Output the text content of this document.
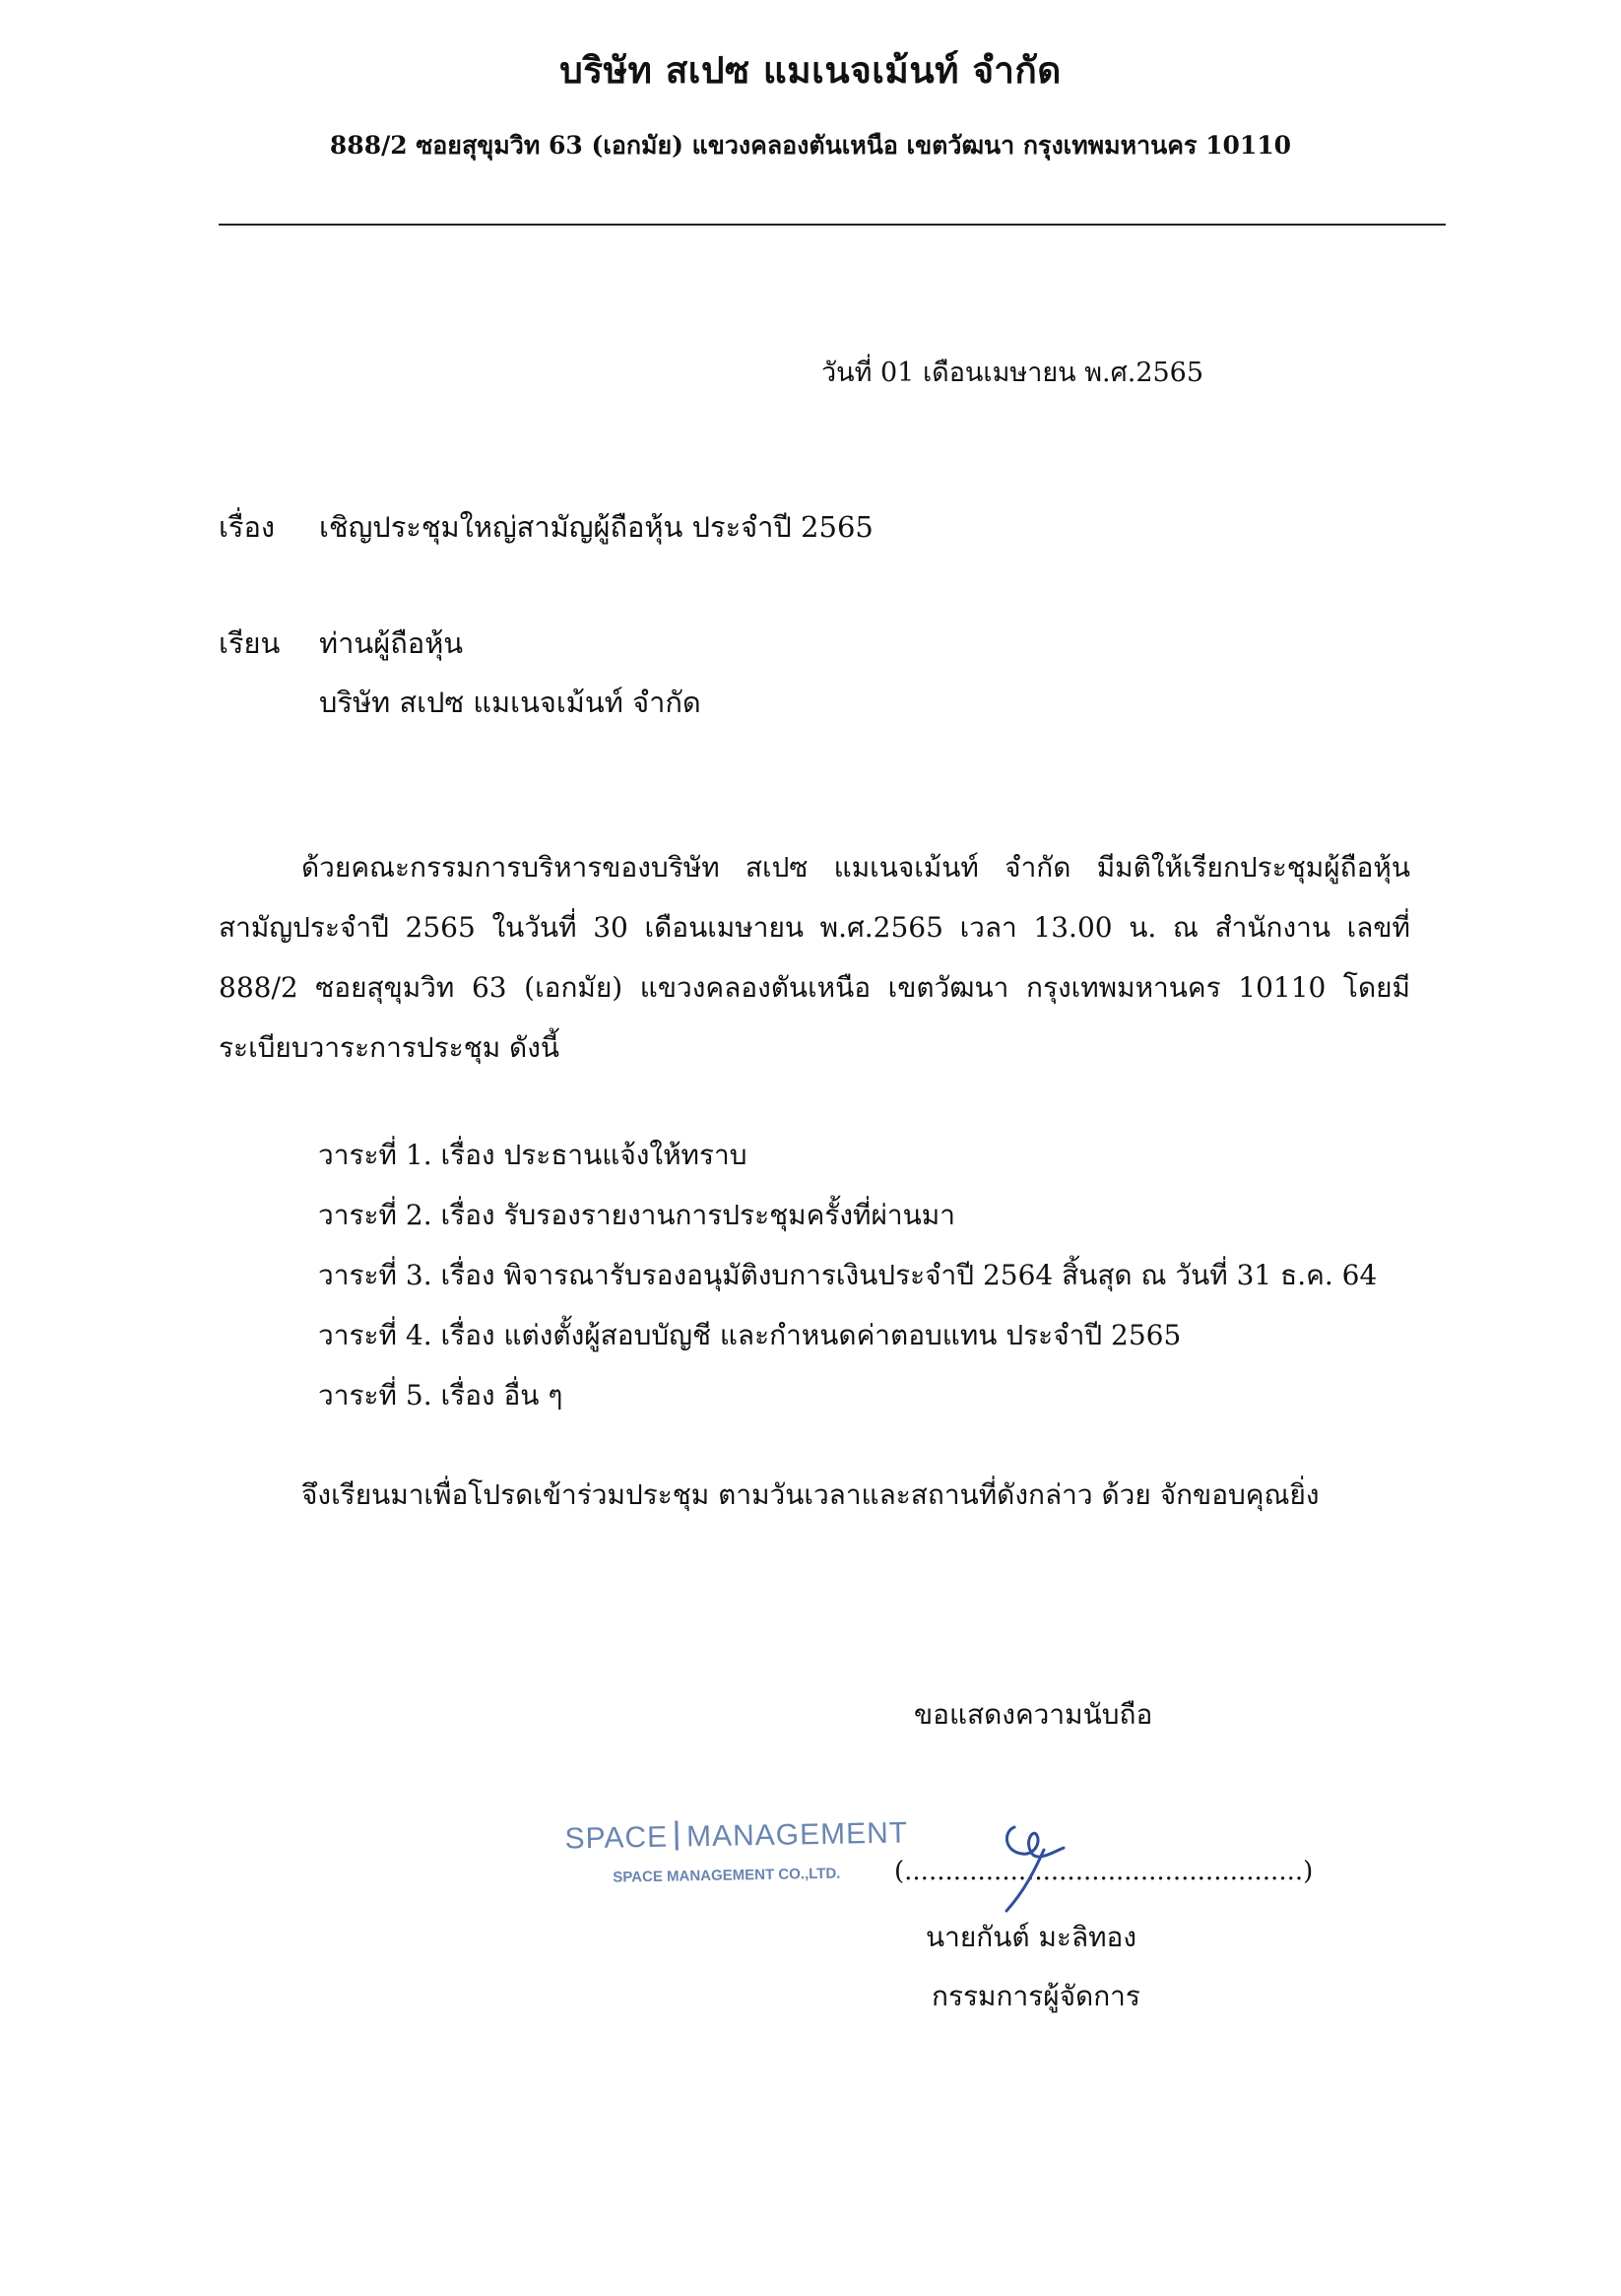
บริษัท สเปซ แมเนจเม้นท์ จำกัด
888/2 ซอยสุขุมวิท 63 (เอกมัย) แขวงคลองตันเหนือ เขตวัฒนา กรุงเทพมหานคร 10110
วันที่ 01 เดือนเมษายน พ.ศ.2565
เรื่อง เชิญประชุมใหญ่สามัญผู้ถือหุ้น ประจำปี 2565
เรียน ท่านผู้ถือหุ้น
บริษัท สเปซ แมเนจเม้นท์ จำกัด
ด้วยคณะกรรมการบริหารของบริษัท สเปซ แมเนจเม้นท์ จำกัด มีมติให้เรียกประชุมผู้ถือหุ้นสามัญประจำปี 2565 ในวันที่ 30 เดือนเมษายน พ.ศ.2565 เวลา 13.00 น. ณ สำนักงาน เลขที่ 888/2 ซอยสุขุมวิท 63 (เอกมัย) แขวงคลองตันเหนือ เขตวัฒนา กรุงเทพมหานคร 10110 โดยมีระเบียบวาระการประชุม ดังนี้
วาระที่ 1. เรื่อง ประธานแจ้งให้ทราบ
วาระที่ 2. เรื่อง รับรองรายงานการประชุมครั้งที่ผ่านมา
วาระที่ 3. เรื่อง พิจารณารับรองอนุมัติงบการเงินประจำปี 2564 สิ้นสุด ณ วันที่ 31 ธ.ค. 64
วาระที่ 4. เรื่อง แต่งตั้งผู้สอบบัญชี และกำหนดค่าตอบแทน ประจำปี 2565
วาระที่ 5. เรื่อง อื่น ๆ
จึงเรียนมาเพื่อโปรดเข้าร่วมประชุม ตามวันเวลาและสถานที่ดังกล่าว ด้วย จักขอบคุณยิ่ง
ขอแสดงความนับถือ
SPACE MANAGEMENT
SPACE MANAGEMENT CO.,LTD.	(.................................................)
นายกันต์ มะลิทอง
กรรมการผู้จัดการ
